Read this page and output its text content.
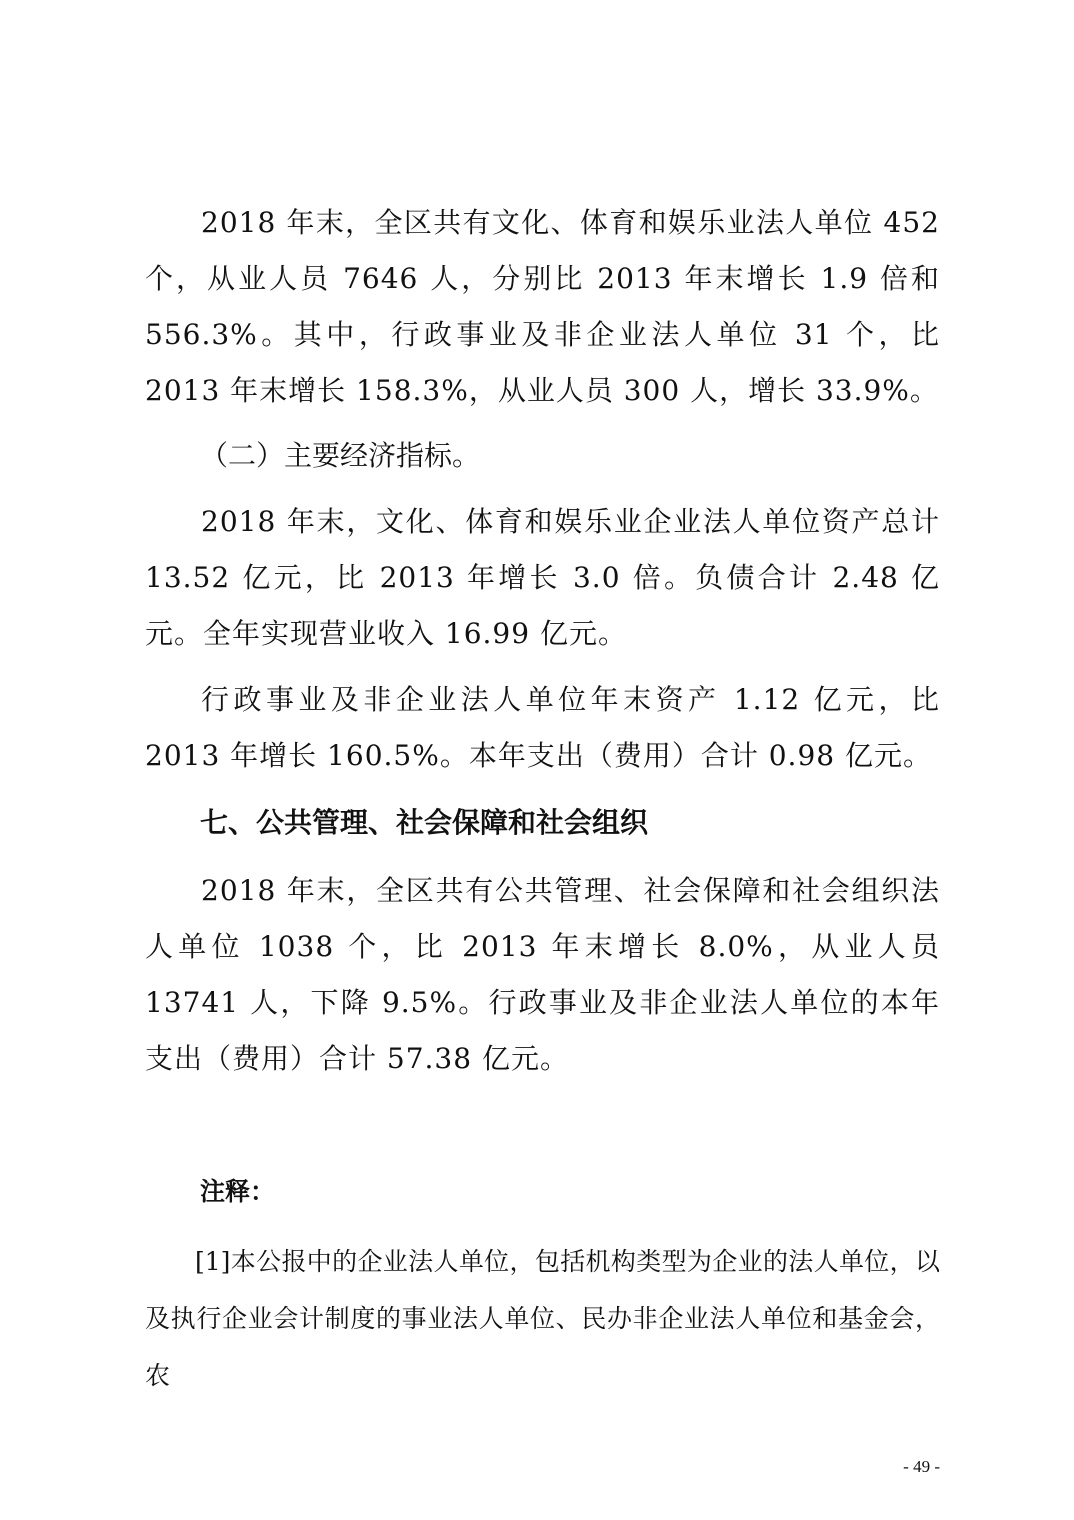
2018 年末，全区共有文化、体育和娱乐业法人单位 452 个，从业人员 7646 人，分别比 2013 年末增长 1.9 倍和 556.3%。其中，行政事业及非企业法人单位 31 个，比 2013 年末增长 158.3%，从业人员 300 人，增长 33.9%。

（二）主要经济指标。

2018 年末，文化、体育和娱乐业企业法人单位资产总计 13.52 亿元，比 2013 年增长 3.0 倍。负债合计 2.48 亿元。全年实现营业收入 16.99 亿元。

行政事业及非企业法人单位年末资产 1.12 亿元，比 2013 年增长 160.5%。本年支出（费用）合计 0.98 亿元。

七、公共管理、社会保障和社会组织

2018 年末，全区共有公共管理、社会保障和社会组织法人单位 1038 个，比 2013 年末增长 8.0%，从业人员 13741 人，下降 9.5%。行政事业及非企业法人单位的本年支出（费用）合计 57.38 亿元。

注释：

[1]本公报中的企业法人单位，包括机构类型为企业的法人单位，以及执行企业会计制度的事业法人单位、民办非企业法人单位和基金会，农

- 49 -
